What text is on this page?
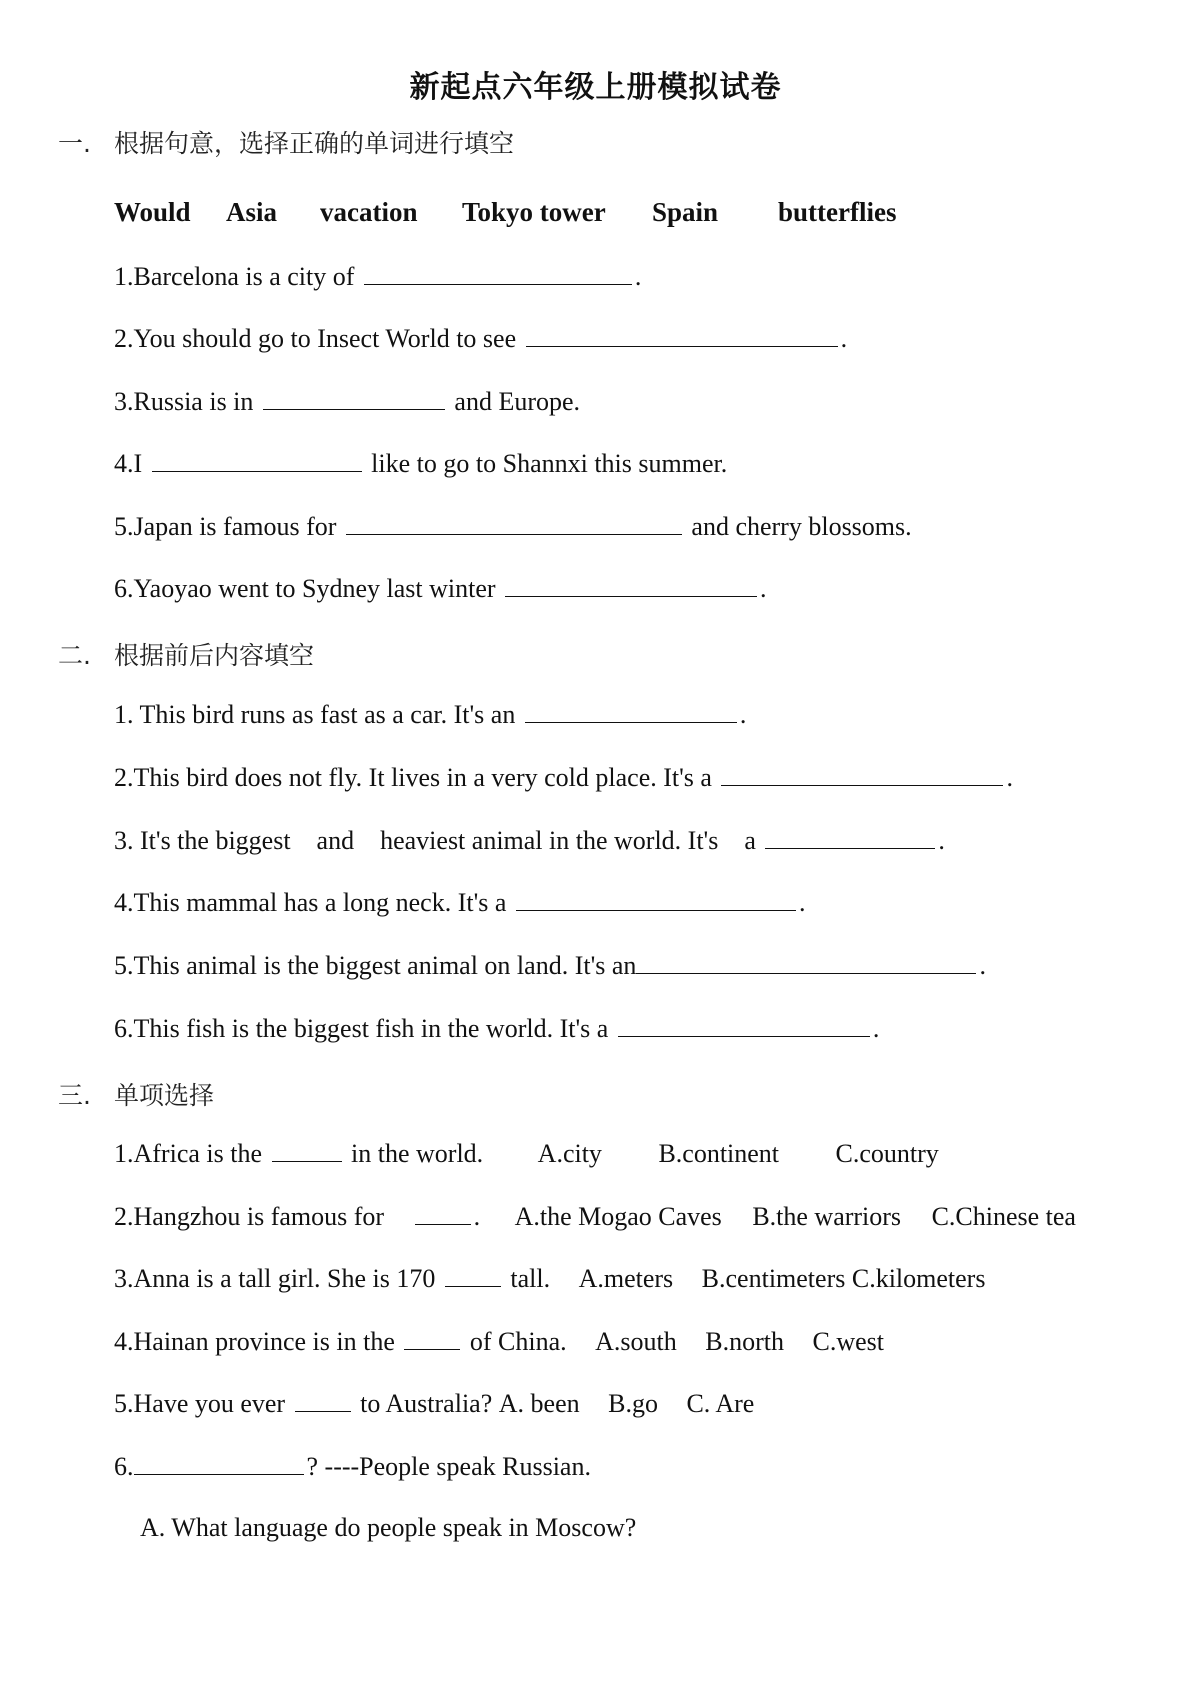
新起点六年级上册模拟试卷
一. 根据句意，选择正确的单词进行填空
Would Asia vacation Tokyo tower Spain butterflies
1.Barcelona is a city of	.
2.You should go to Insect World to see	.
3.Russia is in	and Europe.
4.I	like to go to Shannxi this summer.
5.Japan is famous for	and cherry blossoms.
6.Yaoyao went to Sydney last winter	.
二. 根据前后内容填空
1. This bird runs as fast as a car. It's an	.
2.This bird does not fly. It lives in a very cold place. It's a	.
3. It's the biggest    and    heaviest animal in the world. It's    a	.
4.This mammal has a long neck. It's a	.
5.This animal is the biggest animal on land. It's an	.
6.This fish is the biggest fish in the world. It's a	.
三. 单项选择
1.Africa is the	in the world. A.city B.continent C.country
2.Hangzhou is famous for	. A.the Mogao Caves B.the warriors C.Chinese tea
3.Anna is a tall girl. She is 170	tall. A.meters B.centimeters C.kilometers
4.Hainan province is in the	of China. A.south B.north C.west
5.Have you ever	to Australia? A. been B.go C. Are
6.	? ----People speak Russian.
A. What language do people speak in Moscow?
